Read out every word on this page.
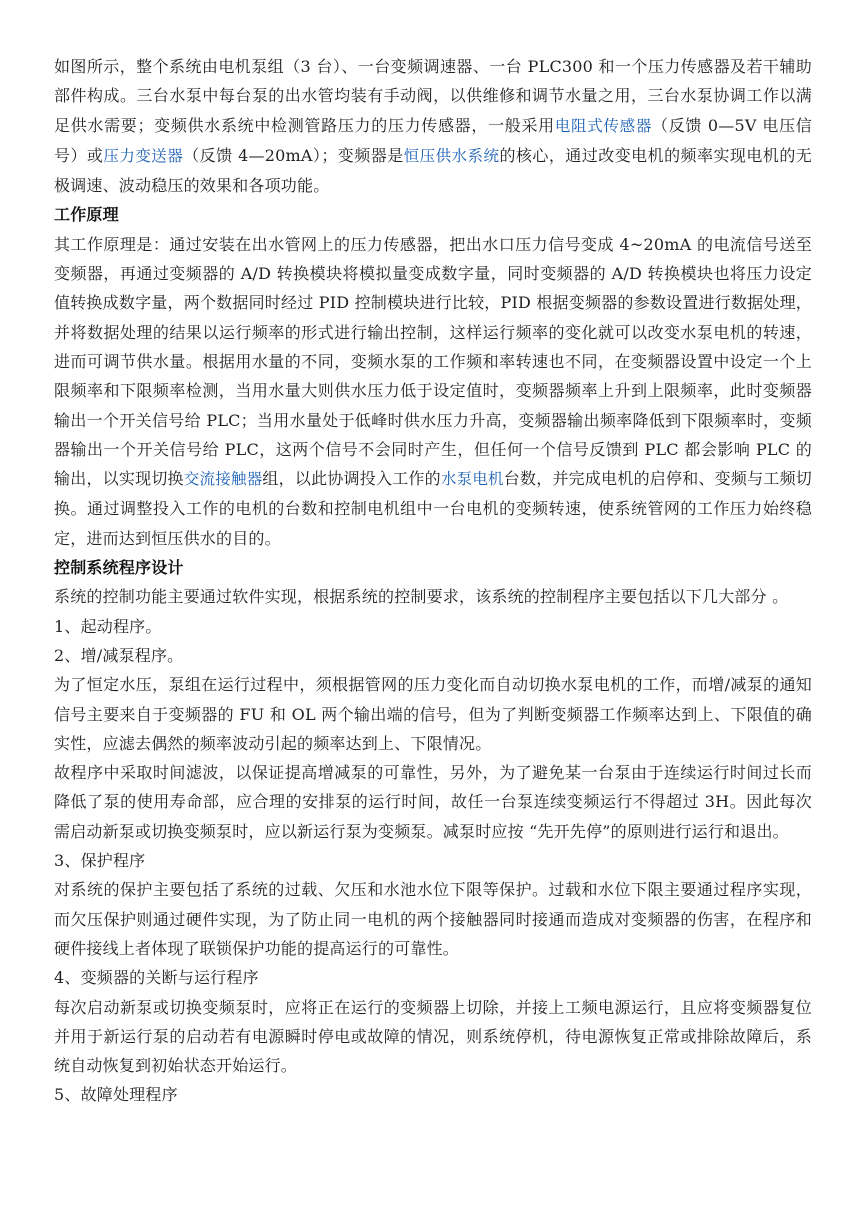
如图所示，整个系统由电机泵组（3 台）、一台变频调速器、一台 PLC300 和一个压力传感器及若干辅助部件构成。三台水泵中每台泵的出水管均装有手动阀，以供维修和调节水量之用，三台水泵协调工作以满足供水需要；变频供水系统中检测管路压力的压力传感器，一般采用电阻式传感器（反馈 0—5V 电压信号）或压力变送器（反馈 4—20mA）；变频器是恒压供水系统的核心，通过改变电机的频率实现电机的无极调速、波动稳压的效果和各项功能。

工作原理

其工作原理是：通过安装在出水管网上的压力传感器，把出水口压力信号变成 4~20mA 的电流信号送至变频器，再通过变频器的 A/D 转换模块将模拟量变成数字量，同时变频器的 A/D 转换模块也将压力设定值转换成数字量，两个数据同时经过 PID 控制模块进行比较，PID 根据变频器的参数设置进行数据处理，并将数据处理的结果以运行频率的形式进行输出控制，这样运行频率的变化就可以改变水泵电机的转速，进而可调节供水量。根据用水量的不同，变频水泵的工作频和率转速也不同，在变频器设置中设定一个上限频率和下限频率检测，当用水量大则供水压力低于设定值时，变频器频率上升到上限频率，此时变频器输出一个开关信号给 PLC；当用水量处于低峰时供水压力升高，变频器输出频率降低到下限频率时，变频器输出一个开关信号给 PLC，这两个信号不会同时产生，但任何一个信号反馈到 PLC 都会影响 PLC 的输出，以实现切换交流接触器组，以此协调投入工作的水泵电机台数，并完成电机的启停和、变频与工频切换。通过调整投入工作的电机的台数和控制电机组中一台电机的变频转速，使系统管网的工作压力始终稳定，进而达到恒压供水的目的。

控制系统程序设计

系统的控制功能主要通过软件实现，根据系统的控制要求，该系统的控制程序主要包括以下几大部分 。

1、起动程序。

2、增/减泵程序。

为了恒定水压，泵组在运行过程中，须根据管网的压力变化而自动切换水泵电机的工作，而增/减泵的通知信号主要来自于变频器的 FU 和 OL 两个输出端的信号，但为了判断变频器工作频率达到上、下限值的确实性，应滤去偶然的频率波动引起的频率达到上、下限情况。

故程序中采取时间滤波，以保证提高增减泵的可靠性，另外，为了避免某一台泵由于连续运行时间过长而降低了泵的使用寿命部，应合理的安排泵的运行时间，故任一台泵连续变频运行不得超过 3H。因此每次需启动新泵或切换变频泵时，应以新运行泵为变频泵。减泵时应按 “先开先停”的原则进行运行和退出。

3、保护程序

对系统的保护主要包括了系统的过载、欠压和水池水位下限等保护。过载和水位下限主要通过程序实现，而欠压保护则通过硬件实现，为了防止同一电机的两个接触器同时接通而造成对变频器的伤害，在程序和硬件接线上者体现了联锁保护功能的提高运行的可靠性。

4、变频器的关断与运行程序

每次启动新泵或切换变频泵时，应将正在运行的变频器上切除，并接上工频电源运行，且应将变频器复位并用于新运行泵的启动若有电源瞬时停电或故障的情况，则系统停机，待电源恢复正常或排除故障后，系统自动恢复到初始状态开始运行。

5、故障处理程序
